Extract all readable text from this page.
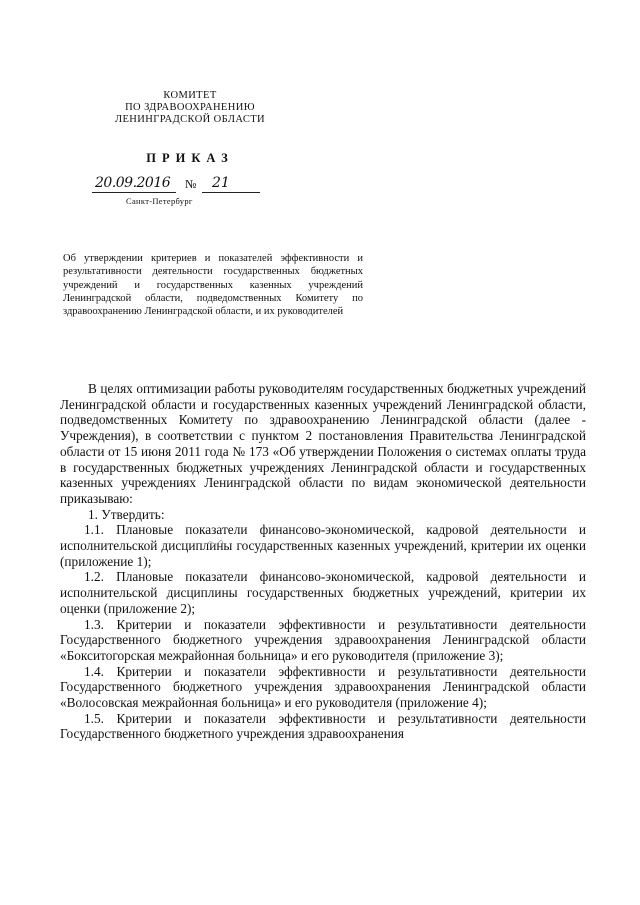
КОМИТЕТ
ПО ЗДРАВООХРАНЕНИЮ
ЛЕНИНГРАДСКОЙ ОБЛАСТИ
ПРИКАЗ
20.09.2016 № 21
Санкт-Петербург
Об утверждении критериев и показателей эффективности и результативности деятельности государственных бюджетных учреждений и государственных казенных учреждений Ленинградской области, подведомственных Комитету по здравоохранению Ленинградской области, и их руководителей

В целях оптимизации работы руководителям государственных бюджетных учреждений Ленинградской области и государственных казенных учреждений Ленинградской области, подведомственных Комитету по здравоохранению Ленинградской области (далее - Учреждения), в соответствии с пунктом 2 постановления Правительства Ленинградской области от 15 июня 2011 года № 173 «Об утверждении Положения о системах оплаты труда в государственных бюджетных учреждениях Ленинградской области и государственных казенных учреждениях Ленинградской области по видам экономической деятельности приказываю:

1. Утвердить:

1.1. Плановые показатели финансово-экономической, кадровой деятельности и исполнительской дисциплины государственных казенных учреждений, критерии их оценки (приложение 1);

1.2. Плановые показатели финансово-экономической, кадровой деятельности и исполнительской дисциплины государственных бюджетных учреждений, критерии их оценки (приложение 2);

1.3. Критерии и показатели эффективности и результативности деятельности Государственного бюджетного учреждения здравоохранения Ленинградской области «Бокситогорская межрайонная больница» и его руководителя (приложение 3);

1.4. Критерии и показатели эффективности и результативности деятельности Государственного бюджетного учреждения здравоохранения Ленинградской области «Волосовская межрайонная больница» и его руководителя (приложение 4);

1.5. Критерии и показатели эффективности и результативности деятельности Государственного бюджетного учреждения здравоохранения
